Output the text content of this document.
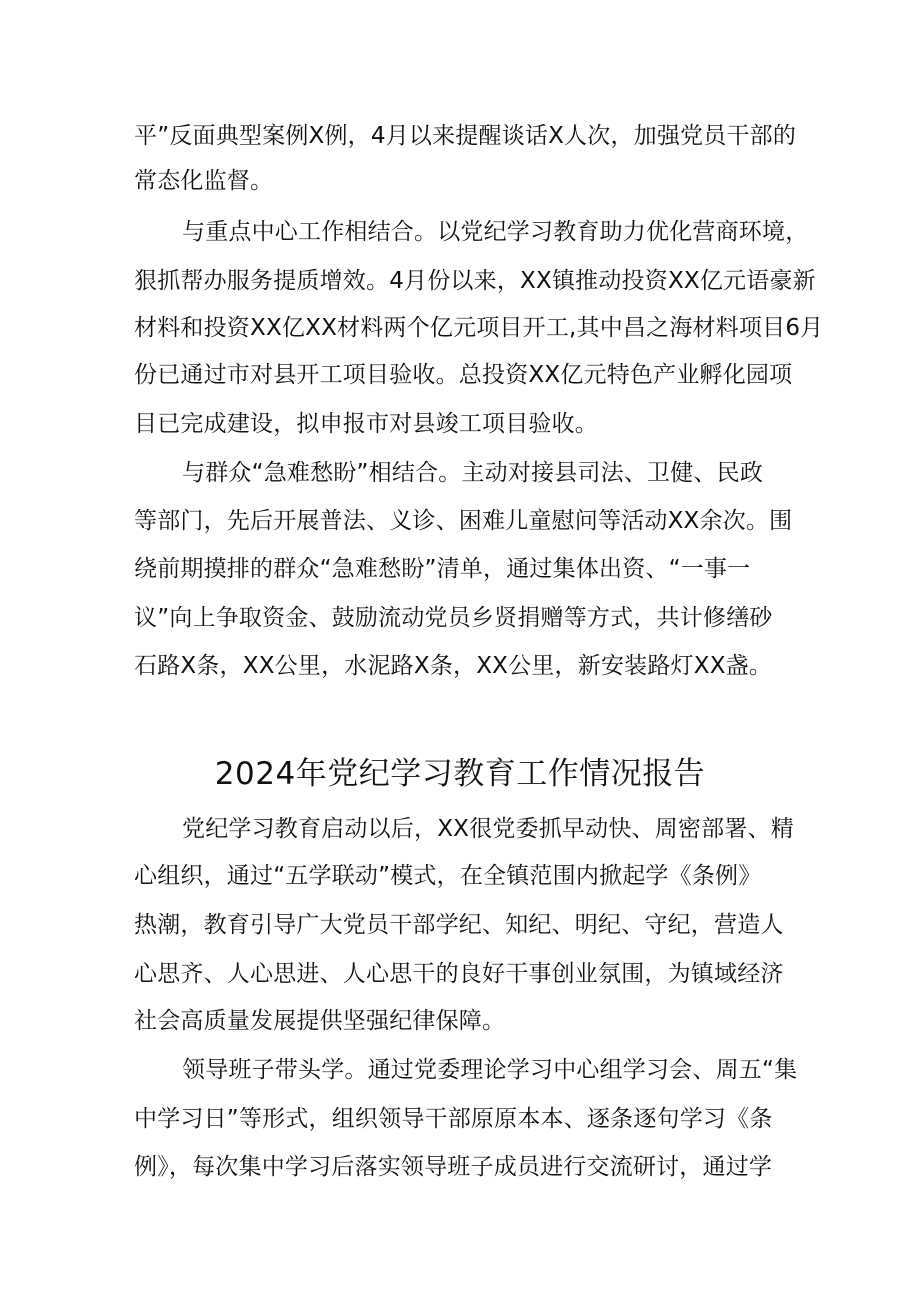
平”反面典型案例X例，4月以来提醒谈话X人次，加强党员干部的
常态化监督。
与重点中心工作相结合。以党纪学习教育助力优化营商环境，
狠抓帮办服务提质增效。4月份以来，XX镇推动投资XX亿元语豪新
材料和投资XX亿XX材料两个亿元项目开工,其中昌之海材料项目6月
份已通过市对县开工项目验收。总投资XX亿元特色产业孵化园项
目已完成建设，拟申报市对县竣工项目验收。
与群众“急难愁盼”相结合。主动对接县司法、卫健、民政
等部门，先后开展普法、义诊、困难儿童慰问等活动XX余次。围
绕前期摸排的群众“急难愁盼”清单，通过集体出资、“一事一
议”向上争取资金、鼓励流动党员乡贤捐赠等方式，共计修缮砂
石路X条，XX公里，水泥路X条，XX公里，新安装路灯XX盏。
2024年党纪学习教育工作情况报告
党纪学习教育启动以后，XX很党委抓早动快、周密部署、精
心组织，通过“五学联动”模式，在全镇范围内掀起学《条例》
热潮，教育引导广大党员干部学纪、知纪、明纪、守纪，营造人
心思齐、人心思进、人心思干的良好干事创业氛围，为镇域经济
社会高质量发展提供坚强纪律保障。
领导班子带头学。通过党委理论学习中心组学习会、周五“集
中学习日”等形式，组织领导干部原原本本、逐条逐句学习《条
例》，每次集中学习后落实领导班子成员进行交流研讨，通过学
